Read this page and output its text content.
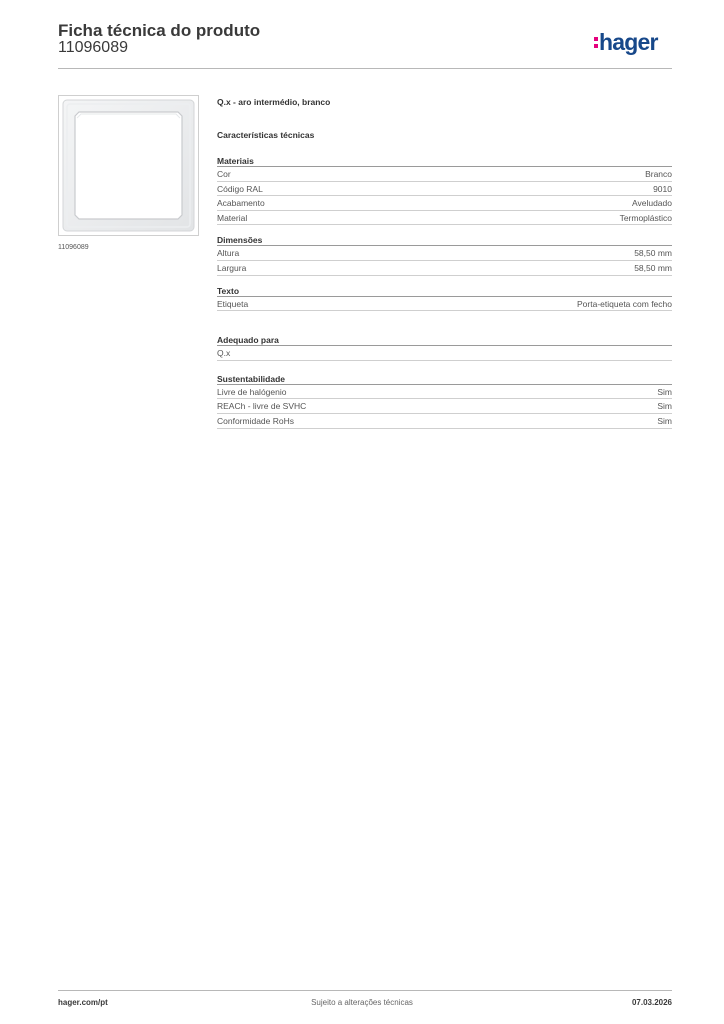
Ficha técnica do produto
11096089	hager
11096089
Q.x - aro intermédio, branco
Características técnicas
Materiais
Cor	Branco
Código RAL	9010
Acabamento	Aveludado
Material	Termoplástico
Dimensões
Altura	58,50 mm
Largura	58,50 mm
Texto
Etiqueta	Porta-etiqueta com fecho
Adequado para
Q.x
Sustentabilidade
Livre de halógenio	Sim
REACh - livre de SVHC	Sim
Conformidade RoHs	Sim
hager.com/pt	Sujeito a alterações técnicas	07.03.2026
